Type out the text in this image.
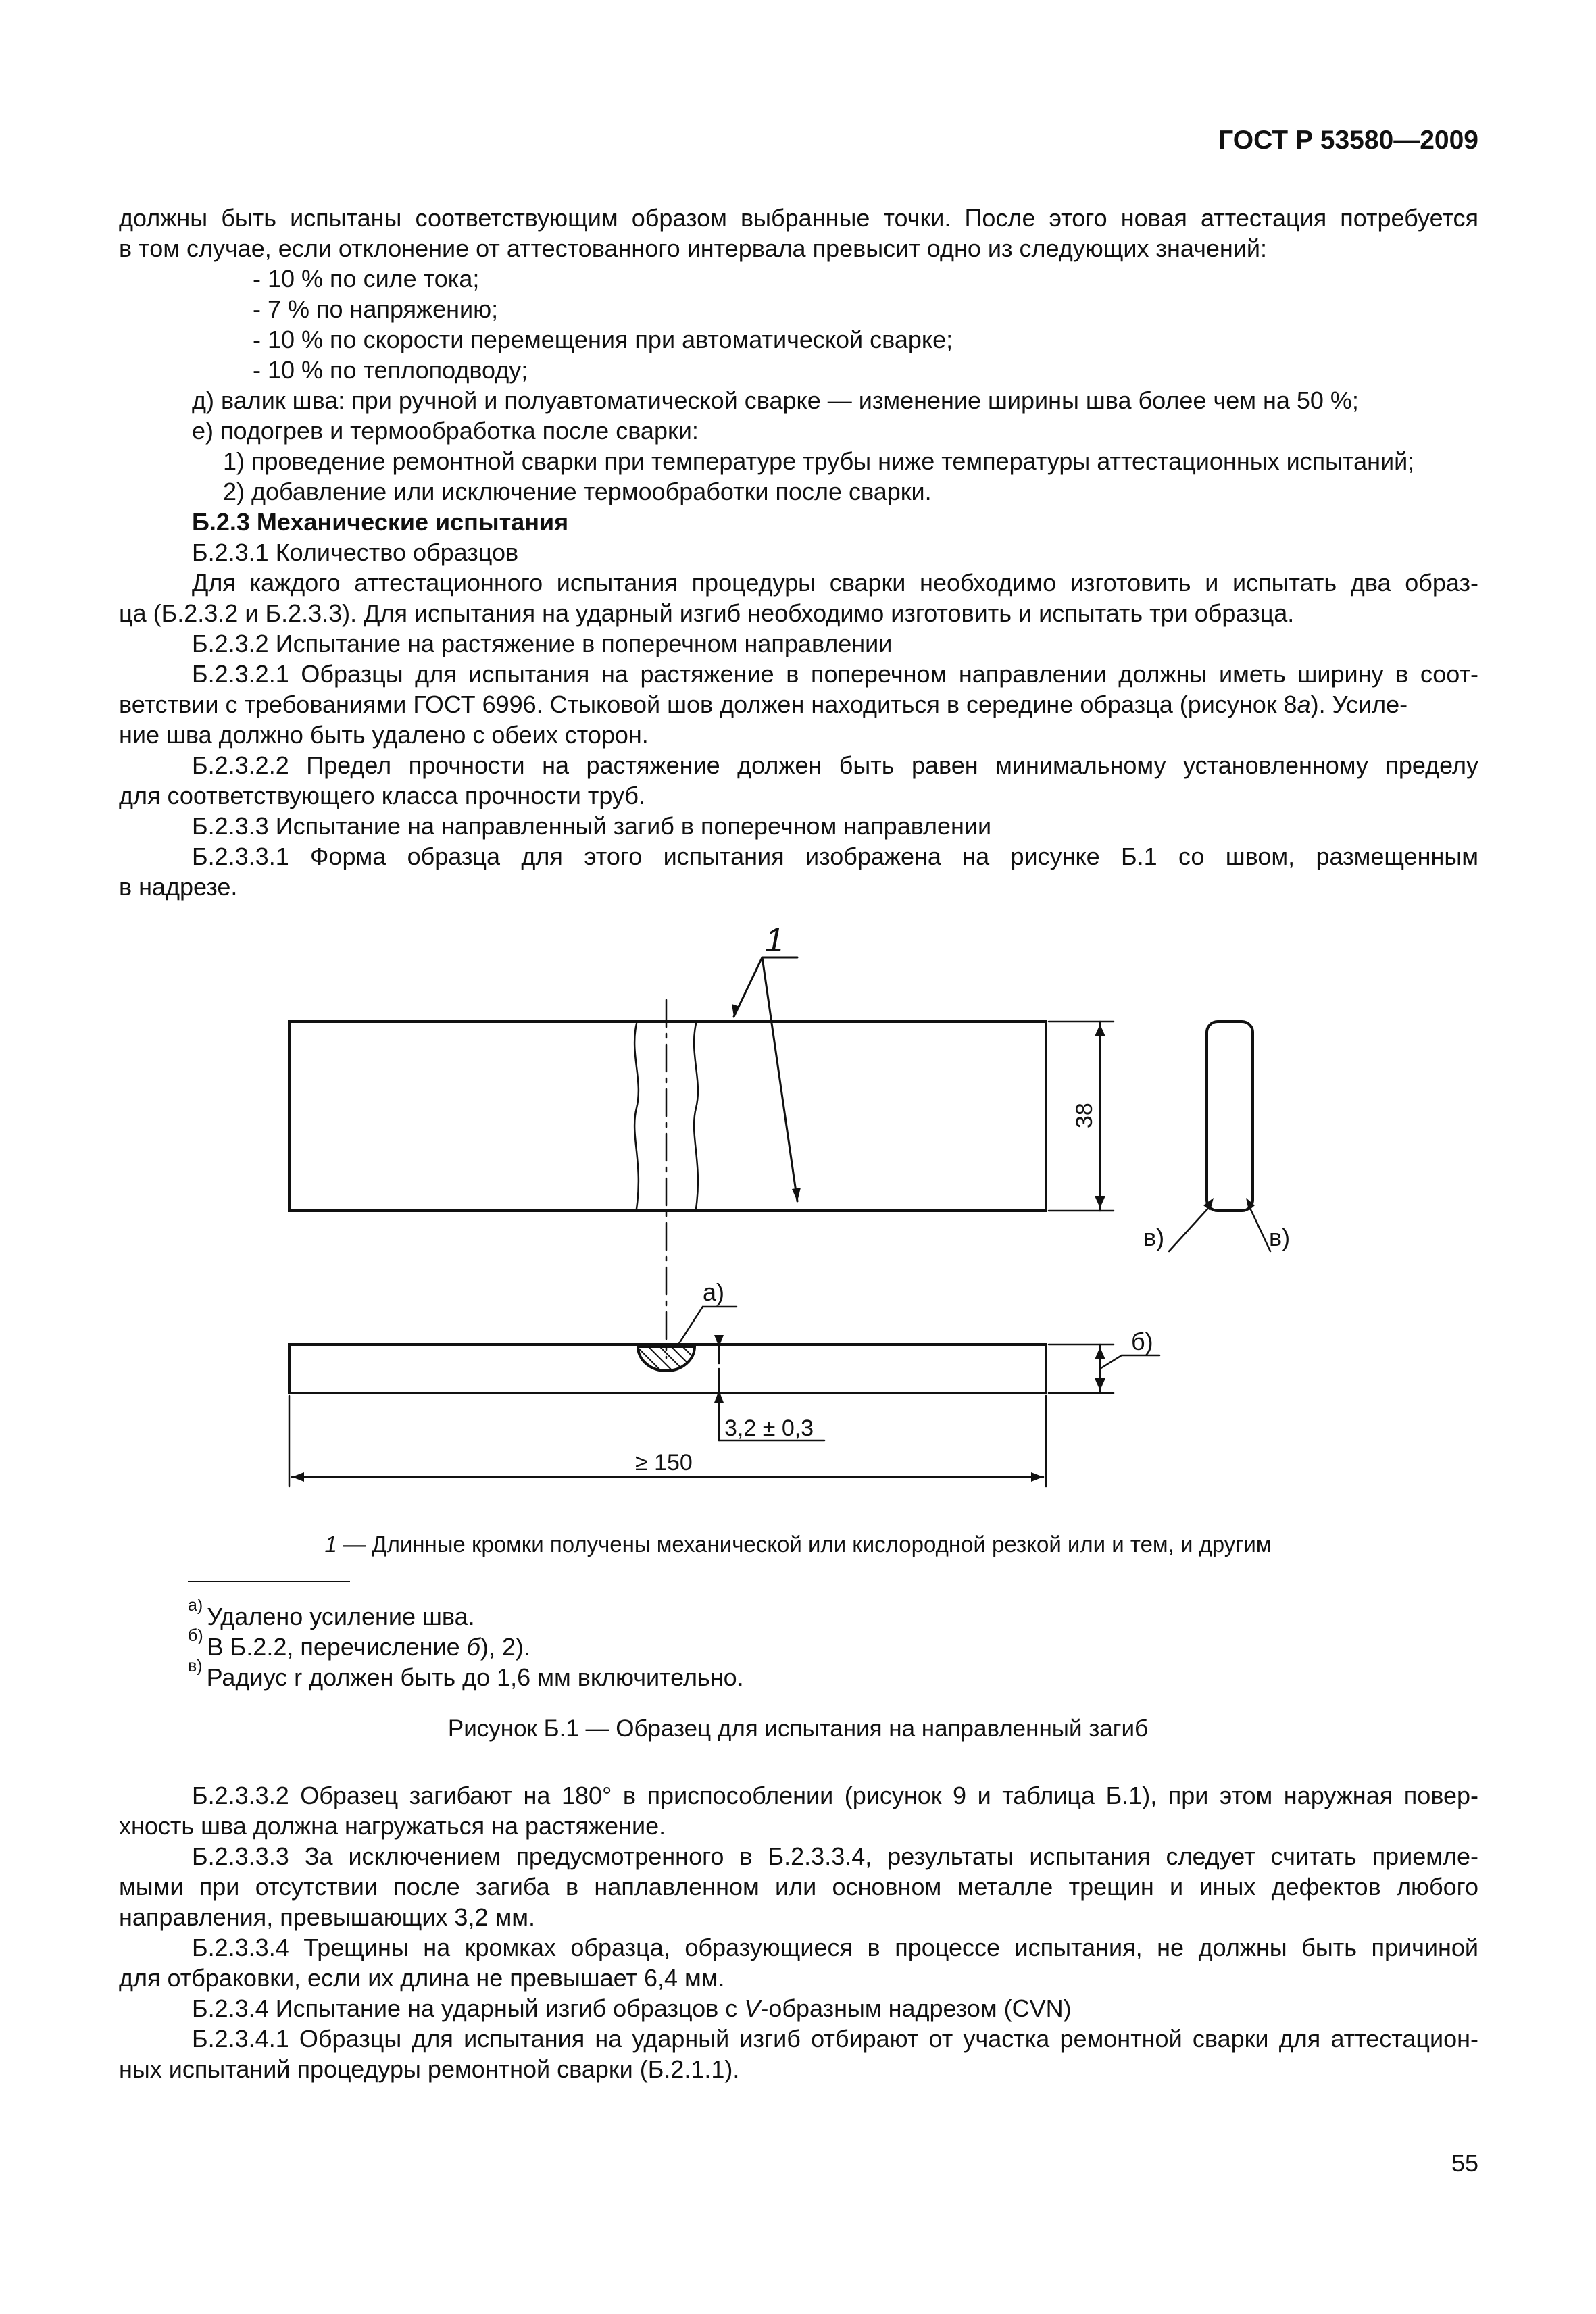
ГОСТ Р 53580—2009
должны быть испытаны соответствующим образом выбранные точки. После этого новая аттестация потребуется
в том случае, если отклонение от аттестованного интервала превысит одно из следующих значений:
- 10 % по силе тока;
- 7 % по напряжению;
- 10 % по скорости перемещения при автоматической сварке;
- 10 % по теплоподводу;
д) валик шва: при ручной и полуавтоматической сварке — изменение ширины шва более чем на 50 %;
е) подогрев и термообработка после сварки:
1) проведение ремонтной сварки при температуре трубы ниже температуры аттестационных испытаний;
2) добавление или исключение термообработки после сварки.
Б.2.3 Механические испытания
Б.2.3.1 Количество образцов
Для каждого аттестационного испытания процедуры сварки необходимо изготовить и испытать два образ-
ца (Б.2.3.2 и Б.2.3.3). Для испытания на ударный изгиб необходимо изготовить и испытать три образца.
Б.2.3.2 Испытание на растяжение в поперечном направлении
Б.2.3.2.1 Образцы для испытания на растяжение в поперечном направлении должны иметь ширину в соот-
ветствии с требованиями ГОСТ 6996. Стыковой шов должен находиться в середине образца (рисунок 8а). Усиле-
ние шва должно быть удалено с обеих сторон.
Б.2.3.2.2 Предел прочности на растяжение должен быть равен минимальному установленному пределу
для соответствующего класса прочности труб.
Б.2.3.3 Испытание на направленный загиб в поперечном направлении
Б.2.3.3.1 Форма образца для этого испытания изображена на рисунке Б.1 со швом, размещенным
в надрезе.
1
38
в)	в)
а)
б)
3,2 ± 0,3
≥ 150
1 — Длинные кромки получены механической или кислородной резкой или и тем, и другим
$^{а)}$ Удалено усиление шва.
$^{б)}$ В Б.2.2, перечисление б), 2).
$^{в)}$ Радиус r должен быть до 1,6 мм включительно.
Рисунок Б.1 — Образец для испытания на направленный загиб
Б.2.3.3.2 Образец загибают на 180° в приспособлении (рисунок 9 и таблица Б.1), при этом наружная повер-
хность шва должна нагружаться на растяжение.
Б.2.3.3.3 За исключением предусмотренного в Б.2.3.3.4, результаты испытания следует считать приемле-
мыми при отсутствии после загиба в наплавленном или основном металле трещин и иных дефектов любого
направления, превышающих 3,2 мм.
Б.2.3.3.4 Трещины на кромках образца, образующиеся в процессе испытания, не должны быть причиной
для отбраковки, если их длина не превышает 6,4 мм.
Б.2.3.4 Испытание на ударный изгиб образцов с V-образным надрезом (CVN)
Б.2.3.4.1 Образцы для испытания на ударный изгиб отбирают от участка ремонтной сварки для аттестацион-
ных испытаний процедуры ремонтной сварки (Б.2.1.1).
55
